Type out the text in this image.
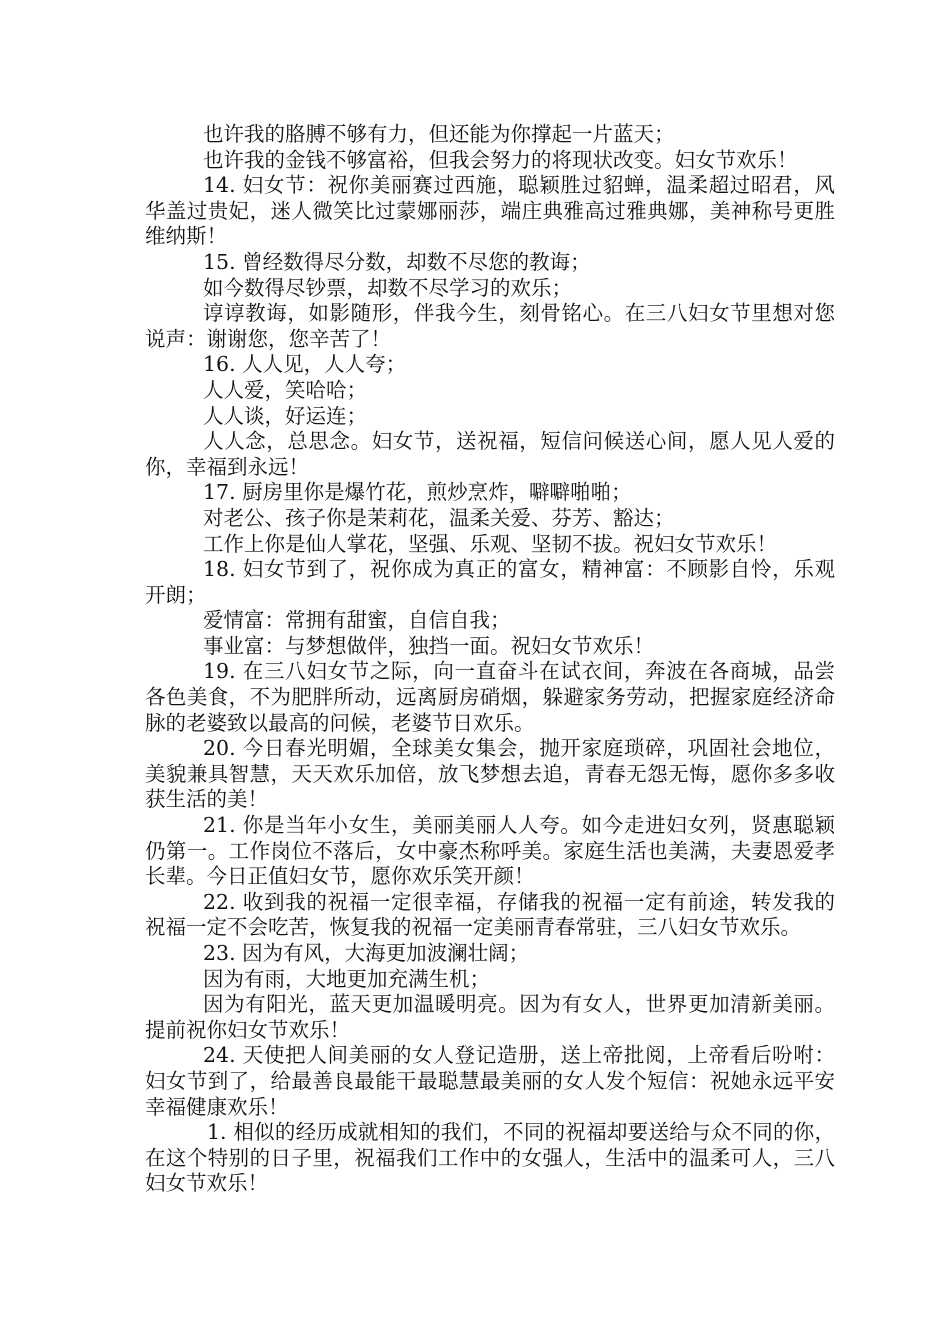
也许我的胳膊不够有力，但还能为你撑起一片蓝天；

也许我的金钱不够富裕，但我会努力的将现状改变。妇女节欢乐！

14. 妇女节：祝你美丽赛过西施，聪颖胜过貂蝉，温柔超过昭君，风华盖过贵妃，迷人微笑比过蒙娜丽莎，端庄典雅高过雅典娜，美神称号更胜维纳斯！

15. 曾经数得尽分数，却数不尽您的教诲；

如今数得尽钞票，却数不尽学习的欢乐；

谆谆教诲，如影随形，伴我今生，刻骨铭心。在三八妇女节里想对您说声：谢谢您，您辛苦了！

16. 人人见，人人夸；

人人爱，笑哈哈；

人人谈，好运连；

人人念，总思念。妇女节，送祝福，短信问候送心间，愿人见人爱的你，幸福到永远！

17. 厨房里你是爆竹花，煎炒烹炸，噼噼啪啪；

对老公、孩子你是茉莉花，温柔关爱、芬芳、豁达；

工作上你是仙人掌花，坚强、乐观、坚韧不拔。祝妇女节欢乐！

18. 妇女节到了，祝你成为真正的富女，精神富：不顾影自怜，乐观开朗；

爱情富：常拥有甜蜜，自信自我；

事业富：与梦想做伴，独挡一面。祝妇女节欢乐！

19. 在三八妇女节之际，向一直奋斗在试衣间，奔波在各商城，品尝各色美食，不为肥胖所动，远离厨房硝烟，躲避家务劳动，把握家庭经济命脉的老婆致以最高的问候，老婆节日欢乐。

20. 今日春光明媚，全球美女集会，抛开家庭琐碎，巩固社会地位，美貌兼具智慧，天天欢乐加倍，放飞梦想去追，青春无怨无悔，愿你多多收获生活的美！

21. 你是当年小女生，美丽美丽人人夸。如今走进妇女列，贤惠聪颖仍第一。工作岗位不落后，女中豪杰称呼美。家庭生活也美满，夫妻恩爱孝长辈。今日正值妇女节，愿你欢乐笑开颜！

22. 收到我的祝福一定很幸福，存储我的祝福一定有前途，转发我的祝福一定不会吃苦，恢复我的祝福一定美丽青春常驻，三八妇女节欢乐。

23. 因为有风，大海更加波澜壮阔；

因为有雨，大地更加充满生机；

因为有阳光，蓝天更加温暖明亮。因为有女人，世界更加清新美丽。提前祝你妇女节欢乐！

24. 天使把人间美丽的女人登记造册，送上帝批阅，上帝看后吩咐：妇女节到了，给最善良最能干最聪慧最美丽的女人发个短信：祝她永远平安幸福健康欢乐！

1. 相似的经历成就相知的我们，不同的祝福却要送给与众不同的你，在这个特别的日子里，祝福我们工作中的女强人，生活中的温柔可人，三八妇女节欢乐！
